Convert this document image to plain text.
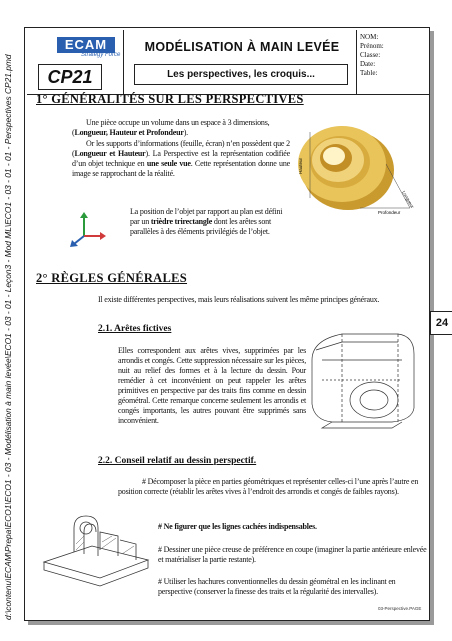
d:\contenu\ECAM\Prepa\ECO1\ECO1 - 03 - Modélisation à main levée\ECO1 - 03 - 01 - Leçon3 - Mod ML\ECO1 - 03 - 01 - 01 - Perspectives CP21.pmd
ECAM
Strategy Force
CP21
MODÉLISATION À MAIN LEVÉE
Les perspectives, les croquis...
NOM:
Prénom:
Classe:
Date:
Table:
1° GÉNÉRALITÉS SUR LES PERSPECTIVES
Une pièce occupe un volume dans un espace à 3 dimensions, (Longueur, Hauteur et Profondeur).
Or les supports d’informations (feuille, écran) n’en possèdent que 2 (Longueur et Hauteur). La Perspective est la représentation codifiée d’un objet technique en une seule vue. Cette représentation donne une image se rapprochant de la réalité.
Longueur
Profondeur
Hauteur
La position de l’objet par rapport au plan est défini par un trièdre trirectangle dont les arêtes sont parallèles à des éléments privilégiés de l’objet.
2° RÈGLES GÉNÉRALES
Il existe différentes perspectives, mais leurs réalisations suivent les même principes généraux.
2.1. Arêtes fictives
Elles correspondent aux arêtes vives, supprimées par les arrondis et congés. Cette suppression nécessaire sur les pièces, nuit au relief des formes et à la lecture du dessin. Pour remédier à cet inconvénient on peut rappeler les arêtes primitives en perspective par des traits fins comme en dessin géométral. Cette remarque concerne seulement les arrondis et congés importants, les autres pouvant être supprimés sans inconvénient.
2.2. Conseil relatif au dessin perspectif.
# Décomposer la pièce en parties géométriques et représenter celles-ci l’une après l’autre en position correcte (rétablir les arêtes vives à l’endroit des arrondis et congés de faibles rayons).
# Ne figurer que les lignes cachées indispensables.
# Dessiner une pièce creuse de préférence en coupe (imaginer la partie antérieure enlevée et matérialiser la partie restante).
# Utiliser les hachures conventionnelles du dessin géométral en les inclinant en perspective (conserver la finesse des traits et la régularité des intervalles).
24
03-Perspective.PAGE
